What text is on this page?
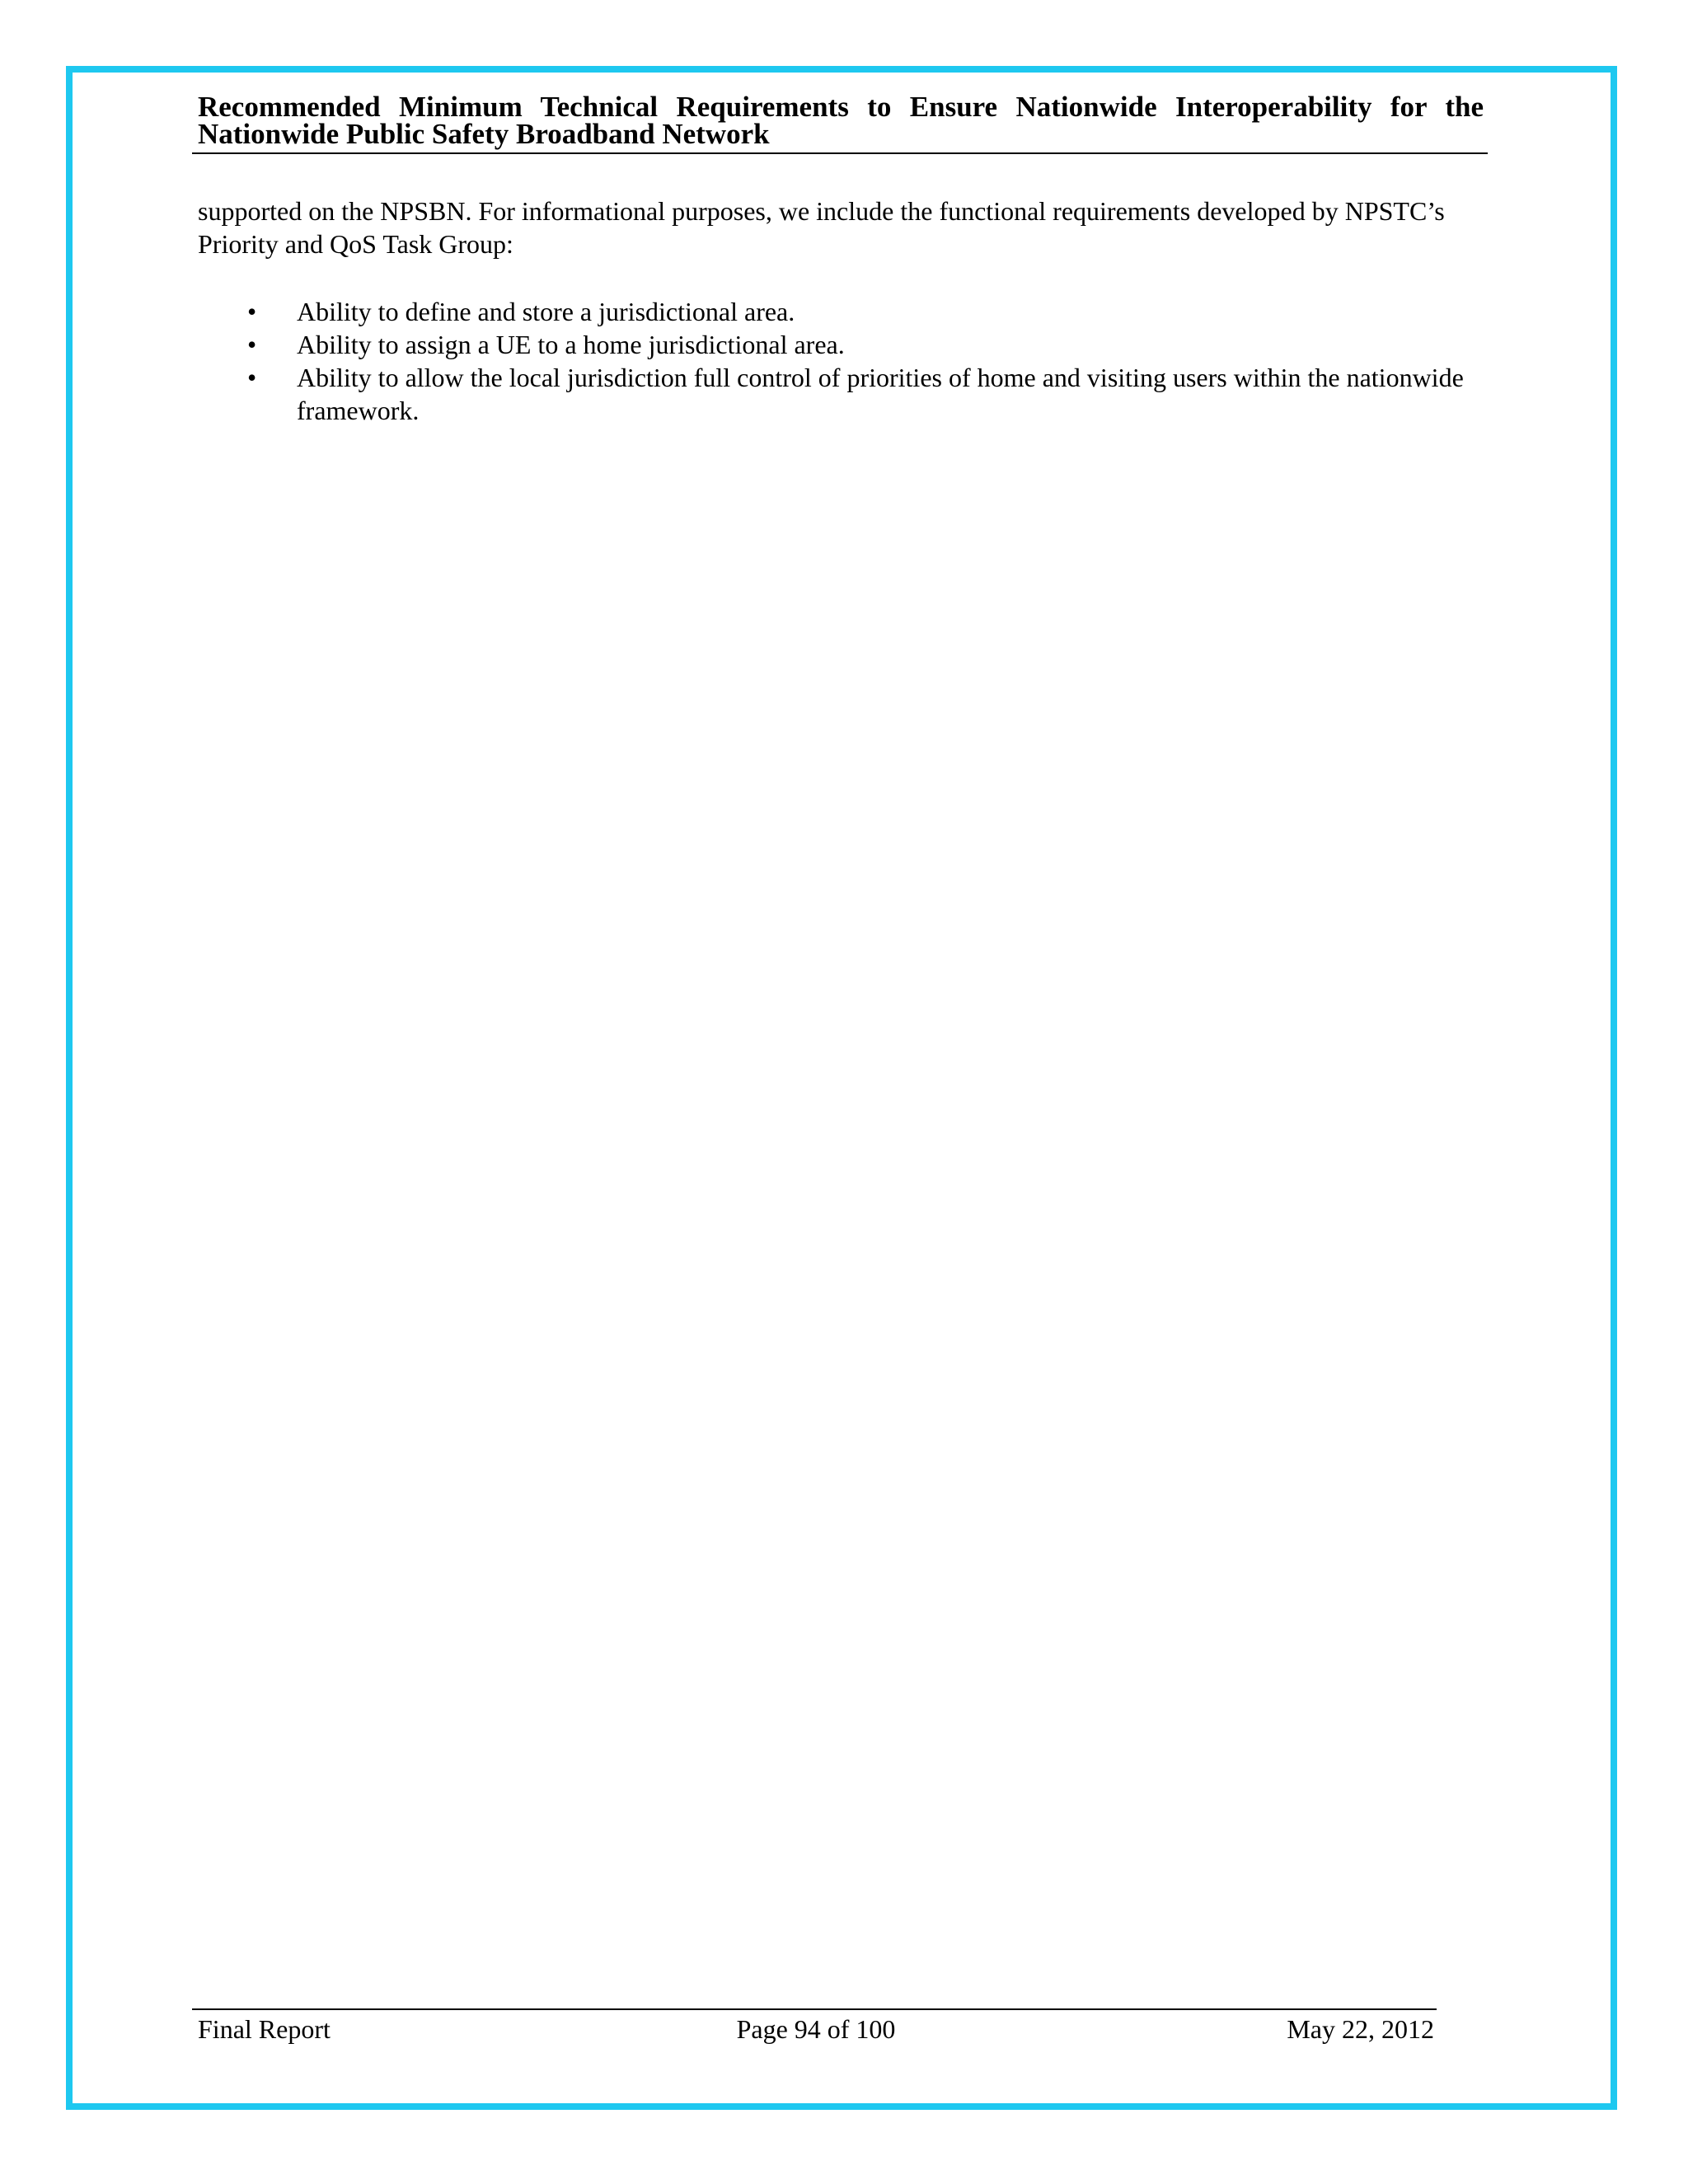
Recommended Minimum Technical Requirements to Ensure Nationwide Interoperability for the Nationwide Public Safety Broadband Network
supported on the NPSBN. For informational purposes, we include the functional requirements developed by NPSTC’s Priority and QoS Task Group:
•	Ability to define and store a jurisdictional area.
•	Ability to assign a UE to a home jurisdictional area.
•	Ability to allow the local jurisdiction full control of priorities of home and visiting users within the nationwide framework.
Final Report	Page 94 of 100	May 22, 2012
